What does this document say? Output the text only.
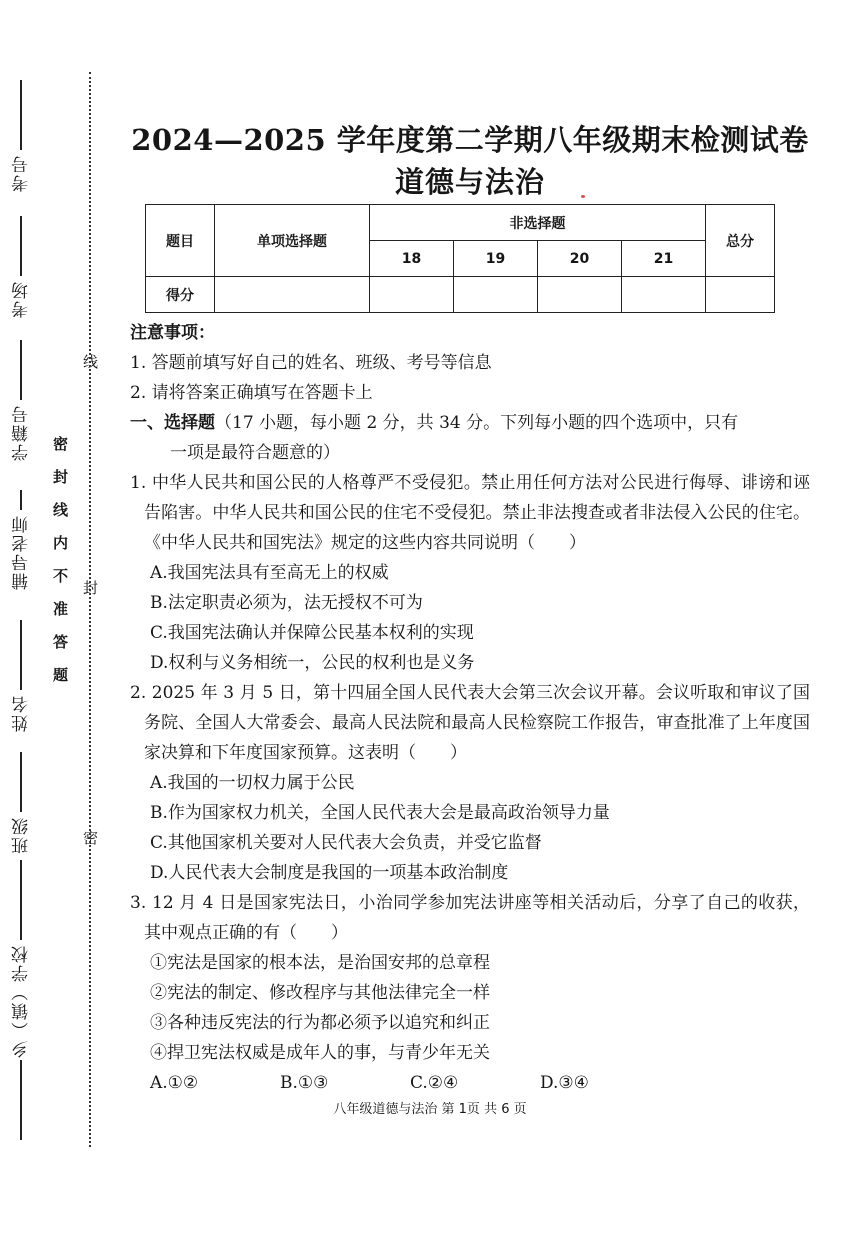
考号
考场
学籍号
辅导老师
姓名
班级
乡（镇）学校
密封线内不准答题
线
封
密
2024—2025 学年度第二学期八年级期末检测试卷
道德与法治
题目	单项选择题	非选择题				总分
		18	19	20	21	
得分						

注意事项：

1. 答题前填写好自己的姓名、班级、考号等信息

2. 请将答案正确填写在答题卡上

一、选择题（17 小题，每小题 2 分，共 34 分。下列每小题的四个选项中，只有

一项是最符合题意的）

1. 中华人民共和国公民的人格尊严不受侵犯。禁止用任何方法对公民进行侮辱、诽谤和诬告陷害。中华人民共和国公民的住宅不受侵犯。禁止非法搜查或者非法侵入公民的住宅。《中华人民共和国宪法》规定的这些内容共同说明（　　）

A.我国宪法具有至高无上的权威

B.法定职责必须为，法无授权不可为

C.我国宪法确认并保障公民基本权利的实现

D.权利与义务相统一，公民的权利也是义务

2. 2025 年 3 月 5 日，第十四届全国人民代表大会第三次会议开幕。会议听取和审议了国务院、全国人大常委会、最高人民法院和最高人民检察院工作报告，审查批准了上年度国家决算和下年度国家预算。这表明（　　）

A.我国的一切权力属于公民

B.作为国家权力机关，全国人民代表大会是最高政治领导力量

C.其他国家机关要对人民代表大会负责，并受它监督

D.人民代表大会制度是我国的一项基本政治制度

3. 12 月 4 日是国家宪法日，小治同学参加宪法讲座等相关活动后，分享了自己的收获，其中观点正确的有（　　）

①宪法是国家的根本法，是治国安邦的总章程

②宪法的制定、修改程序与其他法律完全一样

③各种违反宪法的行为都必须予以追究和纠正

④捍卫宪法权威是成年人的事，与青少年无关

A.①②	B.①③	C.②④	D.③④
八年级道德与法治 第 1页 共 6 页
